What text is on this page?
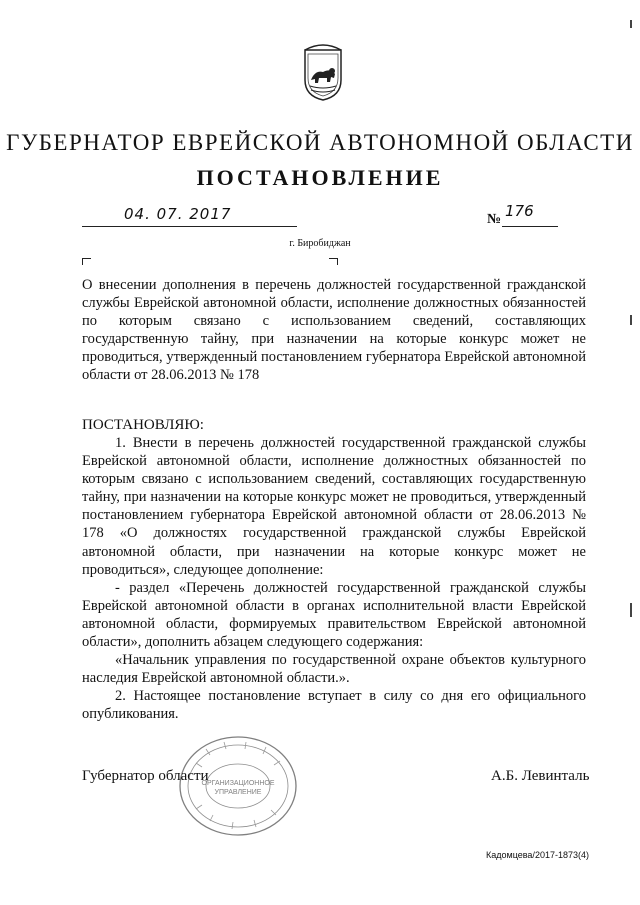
ГУБЕРНАТОР ЕВРЕЙСКОЙ АВТОНОМНОЙ ОБЛАСТИ
ПОСТАНОВЛЕНИЕ
04. 07. 2017	№ 176
г. Биробиджан

О внесении дополнения в перечень должностей государственной гражданской службы Еврейской автономной области, исполнение должностных обязанностей по которым связано с использованием сведений, составляющих государственную тайну, при назначении на которые конкурс может не проводиться, утвержденный постановлением губернатора Еврейской автономной области от 28.06.2013 № 178

ПОСТАНОВЛЯЮ:

1. Внести в перечень должностей государственной гражданской службы Еврейской автономной области, исполнение должностных обязанностей по которым связано с использованием сведений, составляющих государственную тайну, при назначении на которые конкурс может не проводиться, утвержденный постановлением губернатора Еврейской автономной области от 28.06.2013 № 178 «О должностях государственной гражданской службы Еврейской автономной области, при назначении на которые конкурс может не проводиться», следующее дополнение:

- раздел «Перечень должностей государственной гражданской службы Еврейской автономной области в органах исполнительной власти Еврейской автономной области, формируемых правительством Еврейской автономной области», дополнить абзацем следующего содержания:

«Начальник управления по государственной охране объектов культурного наследия Еврейской автономной области.».

2. Настоящее постановление вступает в силу со дня его официального опубликования.

ОРГАНИЗАЦИОННОЕ
УПРАВЛЕНИЕ
Губернатор области	А.Б. Левинталь
Кадомцева/2017-1873(4)
